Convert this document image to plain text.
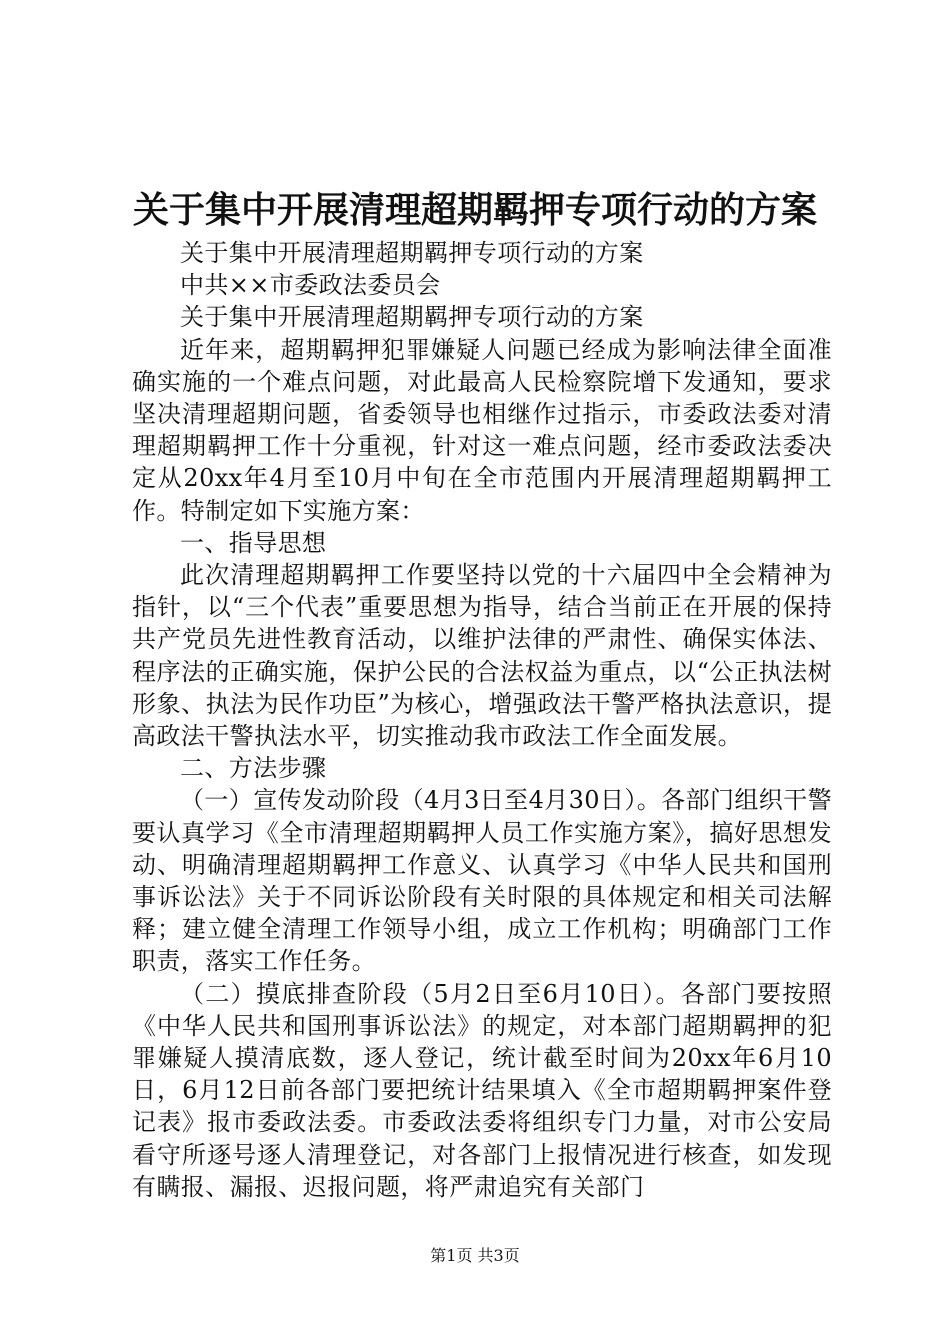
关于集中开展清理超期羁押专项行动的方案

关于集中开展清理超期羁押专项行动的方案

中共××市委政法委员会

关于集中开展清理超期羁押专项行动的方案

近年来，超期羁押犯罪嫌疑人问题已经成为影响法律全面准确实施的一个难点问题，对此最高人民检察院增下发通知，要求坚决清理超期问题，省委领导也相继作过指示，市委政法委对清理超期羁押工作十分重视，针对这一难点问题，经市委政法委决定从20xx年4月至10月中旬在全市范围内开展清理超期羁押工作。特制定如下实施方案：

一、指导思想

此次清理超期羁押工作要坚持以党的十六届四中全会精神为指针，以“三个代表”重要思想为指导，结合当前正在开展的保持共产党员先进性教育活动，以维护法律的严肃性、确保实体法、程序法的正确实施，保护公民的合法权益为重点，以“公正执法树形象、执法为民作功臣”为核心，增强政法干警严格执法意识，提高政法干警执法水平，切实推动我市政法工作全面发展。

二、方法步骤

（一）宣传发动阶段（4月3日至4月30日）。各部门组织干警要认真学习《全市清理超期羁押人员工作实施方案》，搞好思想发动、明确清理超期羁押工作意义、认真学习《中华人民共和国刑事诉讼法》关于不同诉讼阶段有关时限的具体规定和相关司法解释；建立健全清理工作领导小组，成立工作机构；明确部门工作职责，落实工作任务。

（二）摸底排查阶段（5月2日至6月10日）。各部门要按照《中华人民共和国刑事诉讼法》的规定，对本部门超期羁押的犯罪嫌疑人摸清底数，逐人登记，统计截至时间为20xx年6月10日，6月12日前各部门要把统计结果填入《全市超期羁押案件登记表》报市委政法委。市委政法委将组织专门力量，对市公安局看守所逐号逐人清理登记，对各部门上报情况进行核查，如发现有瞒报、漏报、迟报问题，将严肃追究有关部门

第1页 共3页
